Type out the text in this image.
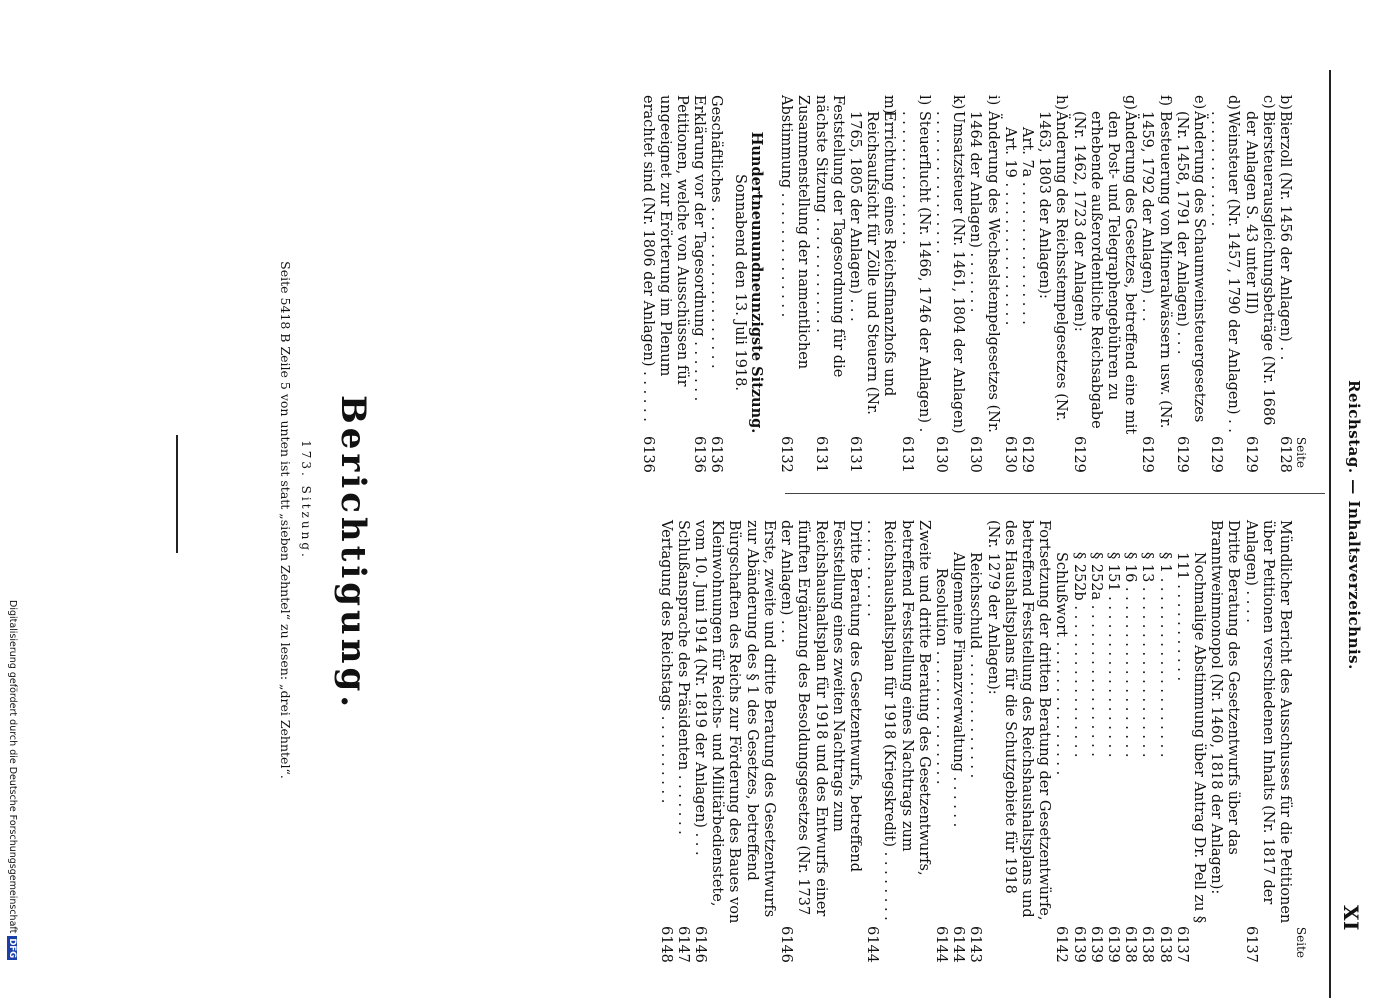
Reichstag. — Inhaltsverzeichnis.
XI
Seite
b)
Bierzoll (Nr. 1456 der Anlagen) . .
6128
c)
Biersteuerausgleichungsbeträge (Nr. 1686 der Anlagen S. 43 unter III)
6129
d)
Weinsteuer (Nr. 1457, 1790 der Anlagen) . . . . . . . . . . . . . . .
6129
e)
Änderung des Schaumweinsteuergesetzes (Nr. 1458, 1791 der Anlagen) . . .
6129
f)
Besteuerung von Mineralwässern usw. (Nr. 1459, 1792 der Anlagen) . . .
6129
g)
Änderung des Gesetzes, betreffend eine mit den Post- und Telegraphengebühren zu erhebende außerordentliche Reichsabgabe (Nr. 1462, 1723 der Anlagen):
6129
h)
Änderung des Reichsstempelgesetzes (Nr. 1463, 1803 der Anlagen):
Art. 7a . . . . . . . . . . . . . . . .
6129
Art. 19 . . . . . . . . . . . . . . . .
6130
i)
Änderung des Wechselstempelgesetzes (Nr. 1464 der Anlagen) . . . . . . .
6130
k)
Umsatzsteuer (Nr. 1461, 1804 der Anlagen) . . . . . . . . . . . . . . . .
6130
l)
Steuerflucht (Nr. 1466, 1746 der Anlagen) . . . . . . . . . . . . . . . .
6131
m)
Errichtung eines Reichsfinanzhofs und Reichsaufsicht für Zölle und Steuern (Nr. 1765, 1805 der Anlagen) . . .
6131
Feststellung der Tagesordnung für die nächste Sitzung . . . . . . . . . . . . .
6131
Zusammenstellung der namentlichen Abstimmung . . . . . . . . . . . . . .
6132
Hundertneunundneunzigste Sitzung.
Sonnabend den 13. Juli 1918.
Geschäftliches . . . . . . . . . . . . . . . . . .
6136
Erklärung vor der Tagesordnung . . . . . . .
6136
Petitionen, welche von Ausschüssen für ungeeignet zur Erörterung im Plenum erachtet sind (Nr. 1806 der Anlagen) . . . . . .
6136
Seite
Mündlicher Bericht des Ausschusses für die Petitionen über Petitionen verschiedenen Inhalts (Nr. 1817 der Anlagen) . . . .
6137
Dritte Beratung des Gesetzentwurfs über das Branntweinmonopol (Nr. 1460, 1818 der Anlagen):
Nochmalige Abstimmung über Antrag Dr. Pell zu § 111 . . . . . . . . . . .
6137
§ 1 . . . . . . . . . . . . . . . . . . . .
6138
§ 13 . . . . . . . . . . . . . . . . . . .
6138
§ 16 . . . . . . . . . . . . . . . . . . .
6138
§ 151 . . . . . . . . . . . . . . . . . .
6139
§ 252a . . . . . . . . . . . . . . . . .
6139
§ 252b . . . . . . . . . . . . . . . . .
6139
Schlußwort . . . . . . . . . . . . . . .
6142
Fortsetzung der dritten Beratung der Gesetzentwürfe, betreffend Feststellung des Reichshaushaltsplans und des Haushaltsplans für die Schutzgebiete für 1918 (Nr. 1279 der Anlagen):
Reichsschuld . . . . . . . . . . . . . .
6143
Allgemeine Finanzverwaltung . . . . . .
6144
Resolution . . . . . . . . . . . . . . .
6144
Zweite und dritte Beratung des Gesetzentwurfs, betreffend Feststellung eines Nachtrags zum Reichshaushaltsplan für 1918 (Kriegskredit) . . . . . . . . . . . . . . . . . . .
6144
Dritte Beratung des Gesetzentwurfs, betreffend Feststellung eines zweiten Nachtrags zum Reichshaushaltsplan für 1918 und des Entwurfs einer fünften Ergänzung des Besoldungsgesetzes (Nr. 1737 der Anlagen) . . .
6146
Erste, zweite und dritte Beratung des Gesetzentwurfs zur Abänderung des § 1 des Gesetzes, betreffend Bürgschaften des Reichs zur Förderung des Baues von Kleinwohnungen für Reichs- und Militärbedienstete, vom 10. Juni 1914 (Nr. 1819 der Anlagen) . . .
6146
Schlußansprache des Präsidenten . . . . . . .
6147
Vertagung des Reichstags . . . . . . . . . .
6148
Berichtigung.
173. Sitzung.
Seite 5418 B Zeile 5 von unten ist statt „sieben Zehntel“ zu lesen: „drei Zehntel“.
Digitalisierung gefördert durch die Deutsche ForschungsgemeinschaftDFG
